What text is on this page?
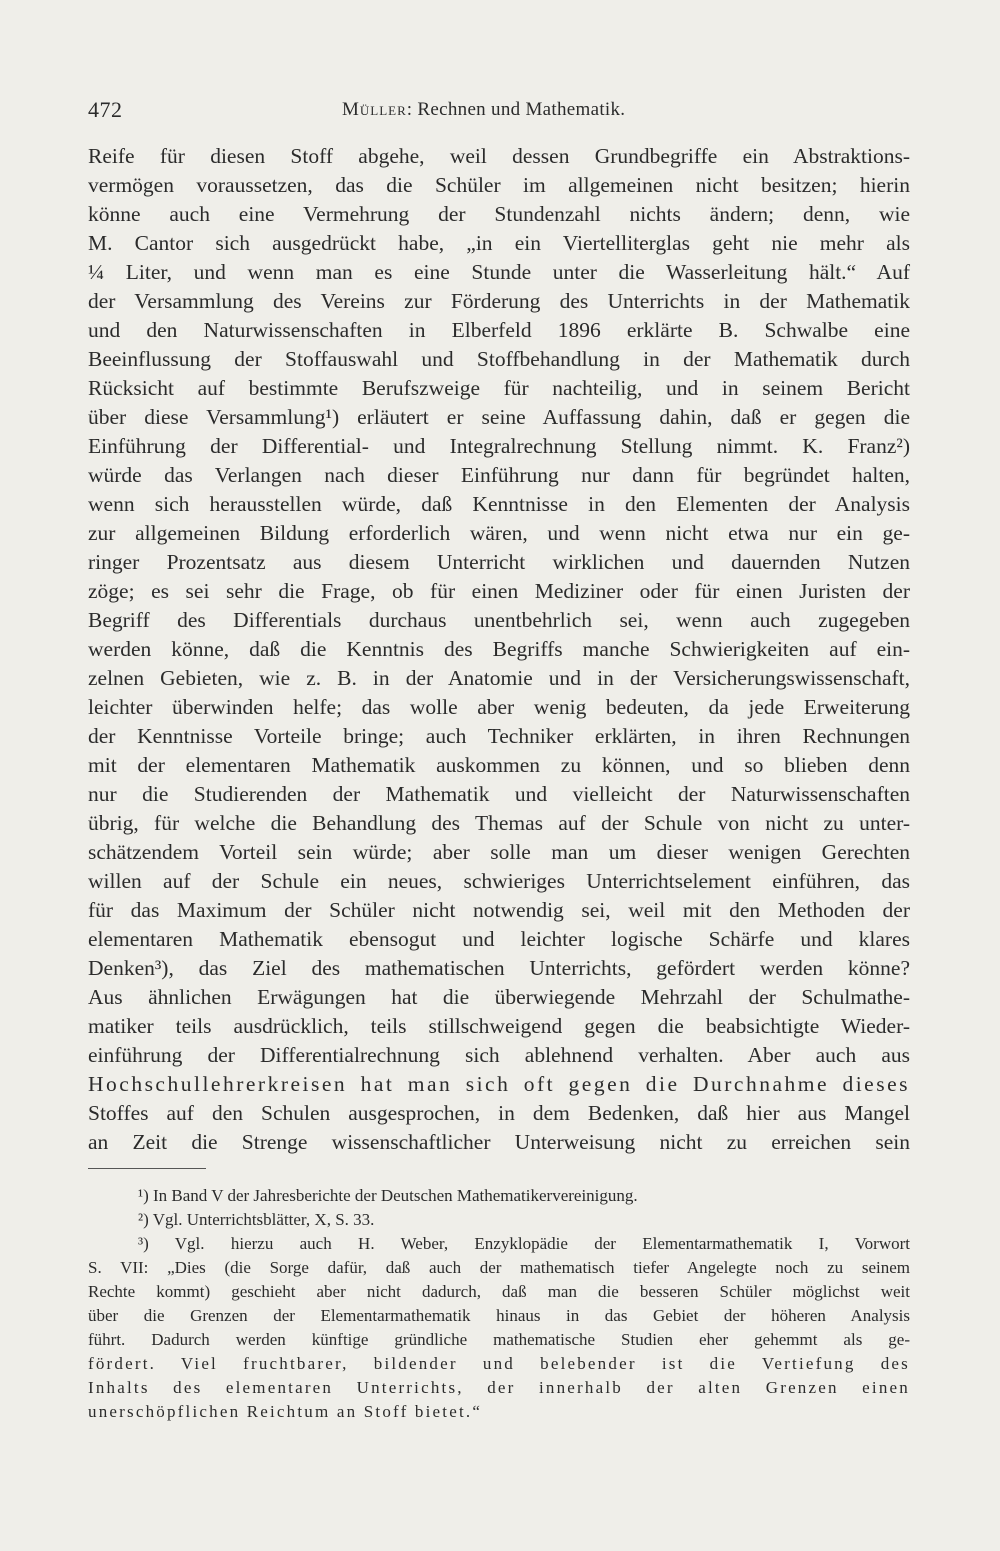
472	Müller: Rechnen und Mathematik.
Reife für diesen Stoff abgehe, weil dessen Grundbegriffe ein Abstraktions-
vermögen voraussetzen, das die Schüler im allgemeinen nicht besitzen; hierin
könne auch eine Vermehrung der Stundenzahl nichts ändern; denn, wie
M. Cantor sich ausgedrückt habe, „in ein Viertelliterglas geht nie mehr als
¼ Liter, und wenn man es eine Stunde unter die Wasserleitung hält.“ Auf
der Versammlung des Vereins zur Förderung des Unterrichts in der Mathematik
und den Naturwissenschaften in Elberfeld 1896 erklärte B. Schwalbe eine
Beeinflussung der Stoffauswahl und Stoffbehandlung in der Mathematik durch
Rücksicht auf bestimmte Berufszweige für nachteilig, und in seinem Bericht
über diese Versammlung¹) erläutert er seine Auffassung dahin, daß er gegen die
Einführung der Differential- und Integralrechnung Stellung nimmt. K. Franz²)
würde das Verlangen nach dieser Einführung nur dann für begründet halten,
wenn sich herausstellen würde, daß Kenntnisse in den Elementen der Analysis
zur allgemeinen Bildung erforderlich wären, und wenn nicht etwa nur ein ge-
ringer Prozentsatz aus diesem Unterricht wirklichen und dauernden Nutzen
zöge; es sei sehr die Frage, ob für einen Mediziner oder für einen Juristen der
Begriff des Differentials durchaus unentbehrlich sei, wenn auch zugegeben
werden könne, daß die Kenntnis des Begriffs manche Schwierigkeiten auf ein-
zelnen Gebieten, wie z. B. in der Anatomie und in der Versicherungswissenschaft,
leichter überwinden helfe; das wolle aber wenig bedeuten, da jede Erweiterung
der Kenntnisse Vorteile bringe; auch Techniker erklärten, in ihren Rechnungen
mit der elementaren Mathematik auskommen zu können, und so blieben denn
nur die Studierenden der Mathematik und vielleicht der Naturwissenschaften
übrig, für welche die Behandlung des Themas auf der Schule von nicht zu unter-
schätzendem Vorteil sein würde; aber solle man um dieser wenigen Gerechten
willen auf der Schule ein neues, schwieriges Unterrichtselement einführen, das
für das Maximum der Schüler nicht notwendig sei, weil mit den Methoden der
elementaren Mathematik ebensogut und leichter logische Schärfe und klares
Denken³), das Ziel des mathematischen Unterrichts, gefördert werden könne?
Aus ähnlichen Erwägungen hat die überwiegende Mehrzahl der Schulmathe-
matiker teils ausdrücklich, teils stillschweigend gegen die beabsichtigte Wieder-
einführung der Differentialrechnung sich ablehnend verhalten. Aber auch aus
Hochschullehrerkreisen hat man sich oft gegen die Durchnahme dieses
Stoffes auf den Schulen ausgesprochen, in dem Bedenken, daß hier aus Mangel
an Zeit die Strenge wissenschaftlicher Unterweisung nicht zu erreichen sein
¹) In Band V der Jahresberichte der Deutschen Mathematikervereinigung.
²) Vgl. Unterrichtsblätter, X, S. 33.
³) Vgl. hierzu auch H. Weber, Enzyklopädie der Elementarmathematik I, Vorwort
S. VII: „Dies (die Sorge dafür, daß auch der mathematisch tiefer Angelegte noch zu seinem
Rechte kommt) geschieht aber nicht dadurch, daß man die besseren Schüler möglichst weit
über die Grenzen der Elementarmathematik hinaus in das Gebiet der höheren Analysis
führt. Dadurch werden künftige gründliche mathematische Studien eher gehemmt als ge-
fördert. Viel fruchtbarer, bildender und belebender ist die Vertiefung des
Inhalts des elementaren Unterrichts, der innerhalb der alten Grenzen einen
unerschöpflichen Reichtum an Stoff bietet.“
